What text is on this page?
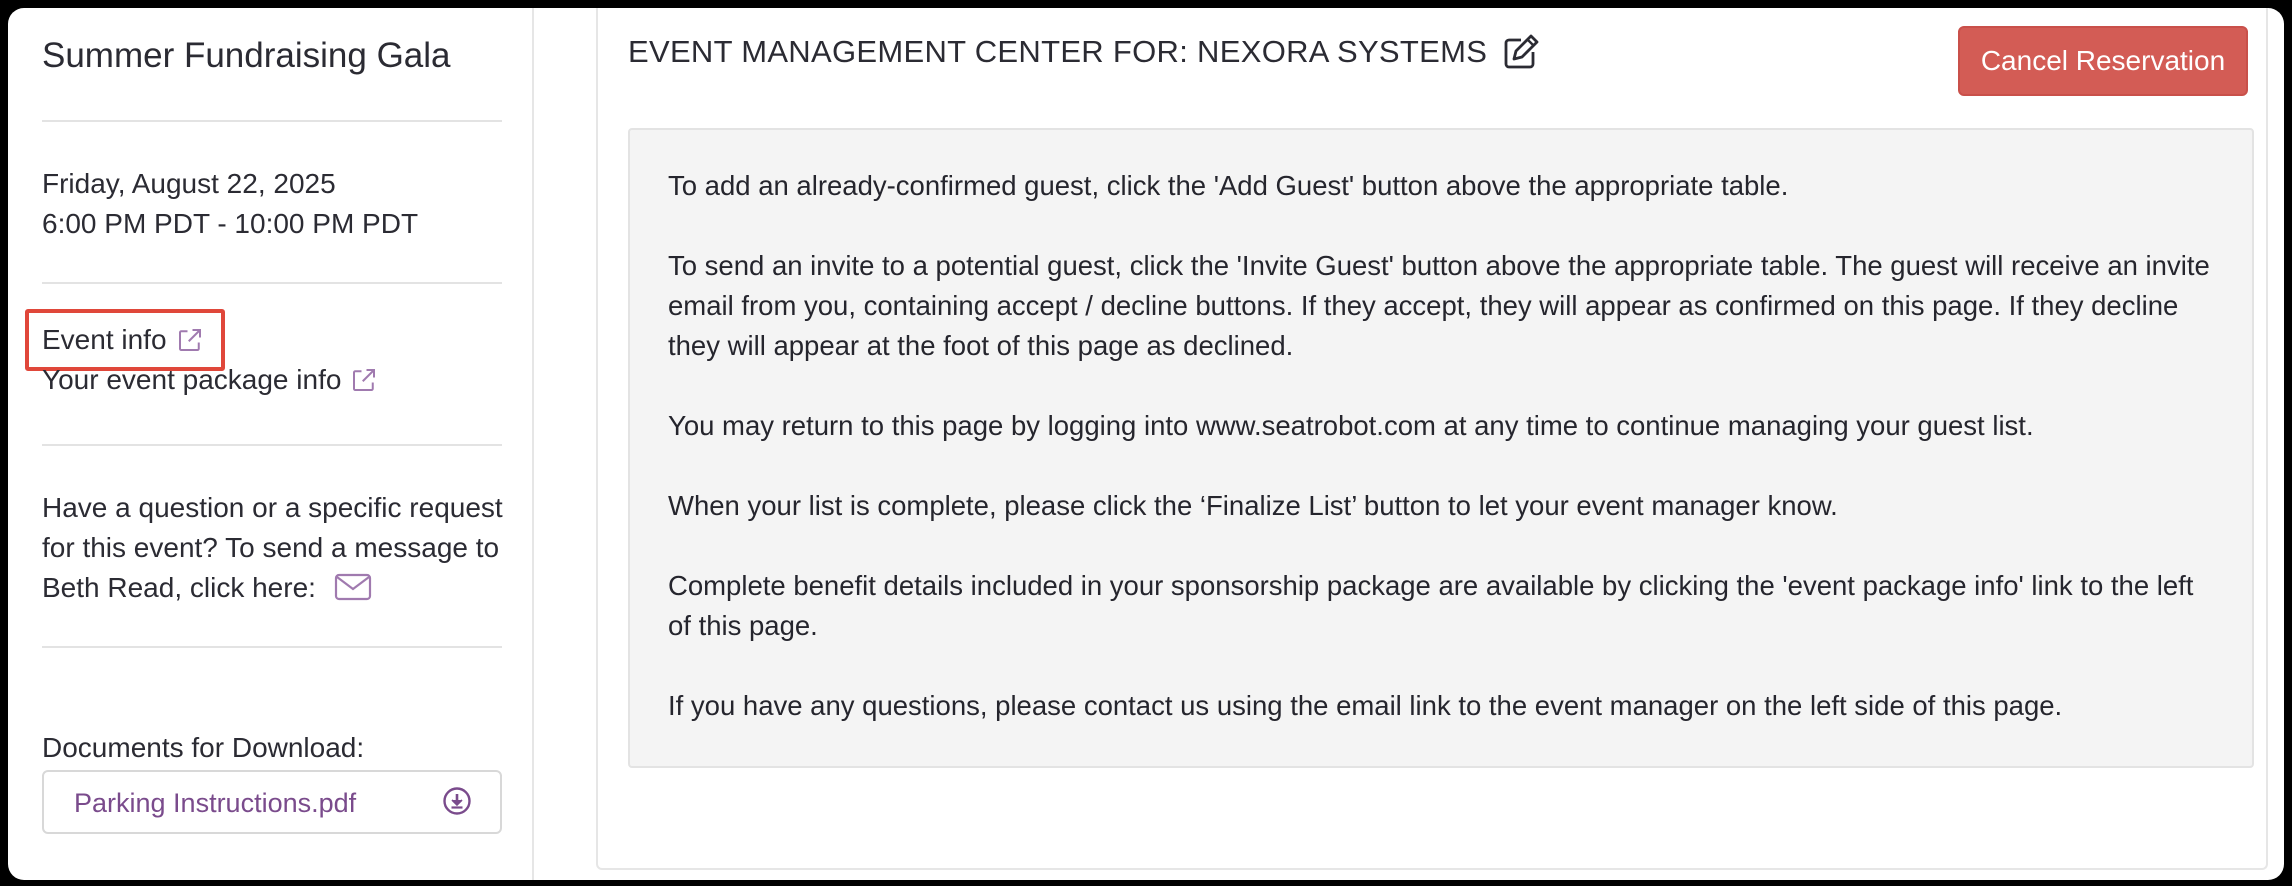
Summer Fundraising Gala
Friday, August 22, 2025
6:00 PM PDT - 10:00 PM PDT
Event info
Your event package info
Have a question or a specific request for this event? To send a message to Beth Read, click here:
Documents for Download:
Parking Instructions.pdf
EVENT MANAGEMENT CENTER FOR: NEXORA SYSTEMS	Cancel Reservation

To add an already-confirmed guest, click the 'Add Guest' button above the appropriate table.

To send an invite to a potential guest, click the 'Invite Guest' button above the appropriate table. The guest will receive an invite email from you, containing accept / decline buttons. If they accept, they will appear as confirmed on this page. If they decline they will appear at the foot of this page as declined.

You may return to this page by logging into www.seatrobot.com at any time to continue managing your guest list.

When your list is complete, please click the ‘Finalize List’ button to let your event manager know.

Complete benefit details included in your sponsorship package are available by clicking the 'event package info' link to the left of this page.

If you have any questions, please contact us using the email link to the event manager on the left side of this page.
